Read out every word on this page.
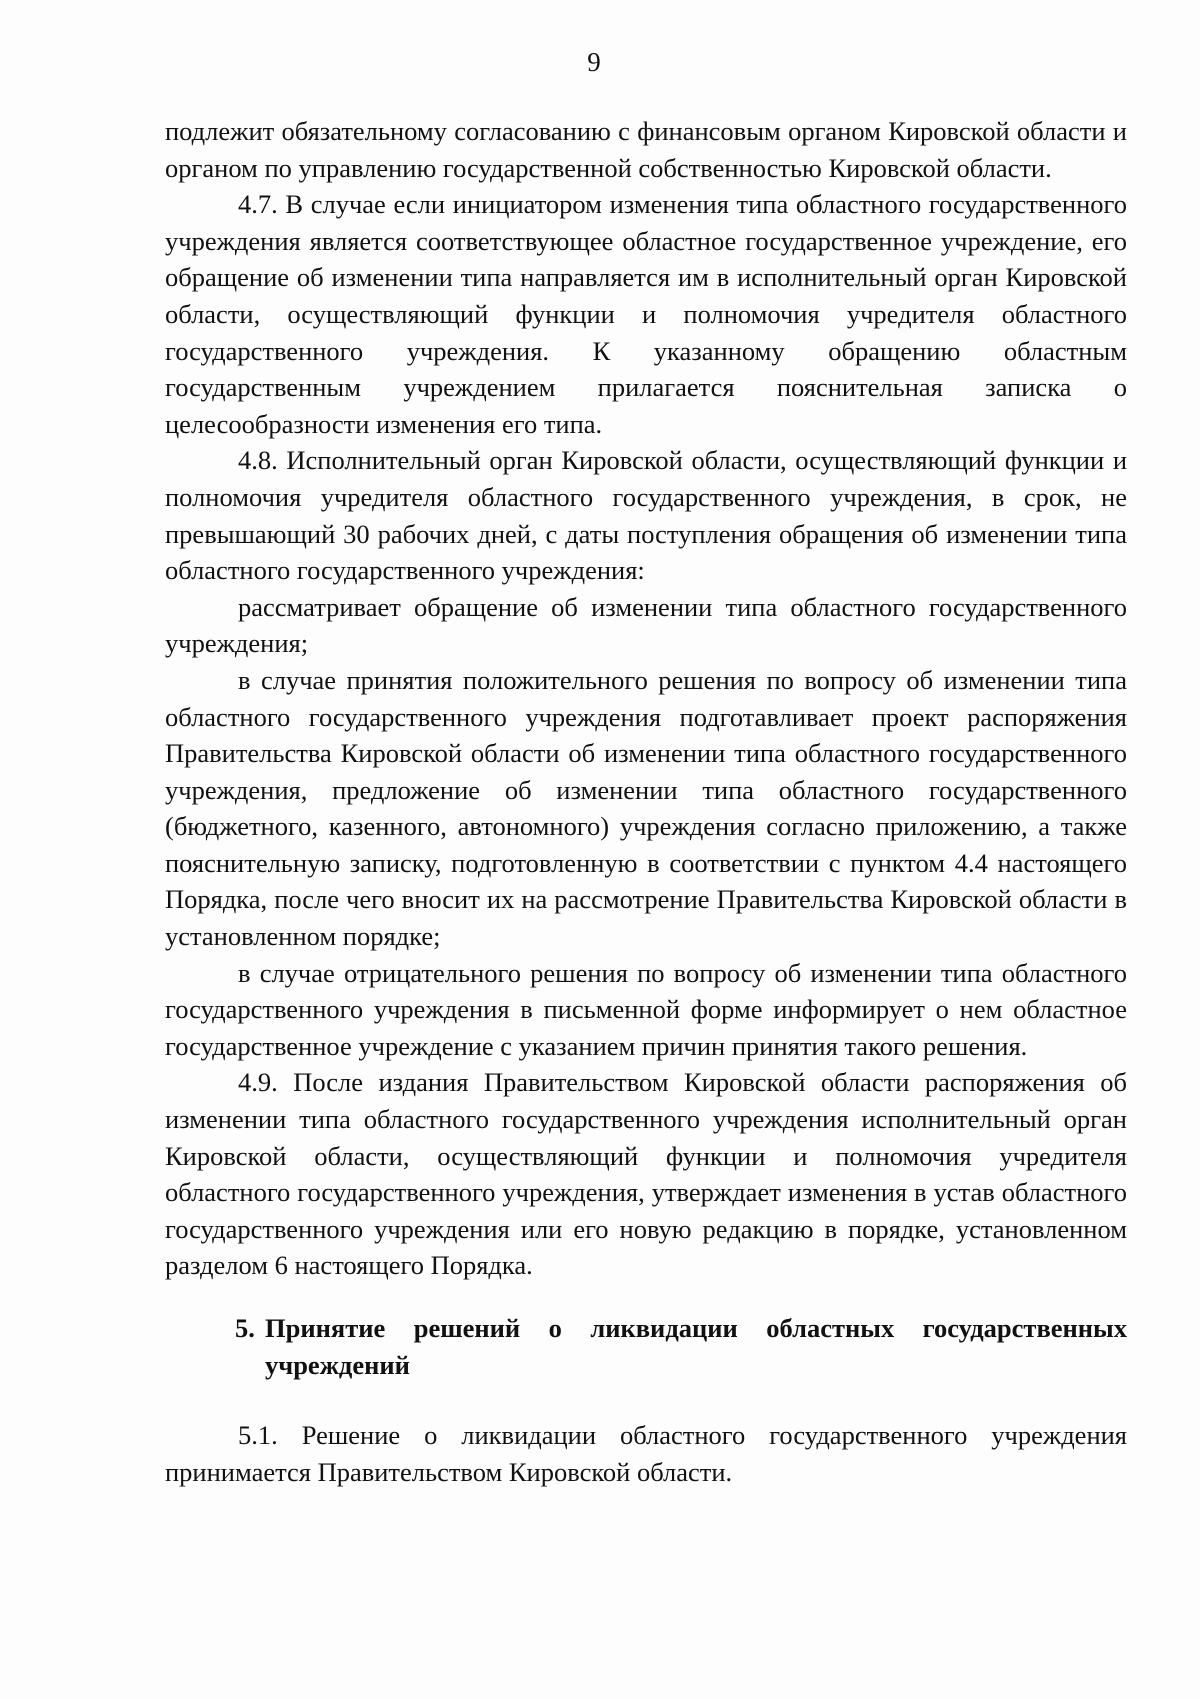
9

подлежит обязательному согласованию с финансовым органом Кировской области и органом по управлению государственной собственностью Кировской области.

4.7. В случае если инициатором изменения типа областного государственного учреждения является соответствующее областное государственное учреждение, его обращение об изменении типа направляется им в исполнительный орган Кировской области, осуществляющий функции и полномочия учредителя областного государственного учреждения. К указанному обращению областным государственным учреждением прилагается пояснительная записка о целесообразности изменения его типа.

4.8. Исполнительный орган Кировской области, осуществляющий функции и полномочия учредителя областного государственного учреждения, в срок, не превышающий 30 рабочих дней, с даты поступления обращения об изменении типа областного государственного учреждения:

рассматривает обращение об изменении типа областного государственного учреждения;

в случае принятия положительного решения по вопросу об изменении типа областного государственного учреждения подготавливает проект распоряжения Правительства Кировской области об изменении типа областного государственного учреждения, предложение об изменении типа областного государственного (бюджетного, казенного, автономного) учреждения согласно приложению, а также пояснительную записку, подготовленную в соответствии с пунктом 4.4 настоящего Порядка, после чего вносит их на рассмотрение Правительства Кировской области в установленном порядке;

в случае отрицательного решения по вопросу об изменении типа областного государственного учреждения в письменной форме информирует о нем областное государственное учреждение с указанием причин принятия такого решения.

4.9. После издания Правительством Кировской области распоряжения об изменении типа областного государственного учреждения исполнительный орган Кировской области, осуществляющий функции и полномочия учредителя областного государственного учреждения, утверждает изменения в устав областного государственного учреждения или его новую редакцию в порядке, установленном разделом 6 настоящего Порядка.

5. Принятие решений о ликвидации областных государственных учреждений

5.1. Решение о ликвидации областного государственного учреждения принимается Правительством Кировской области.
